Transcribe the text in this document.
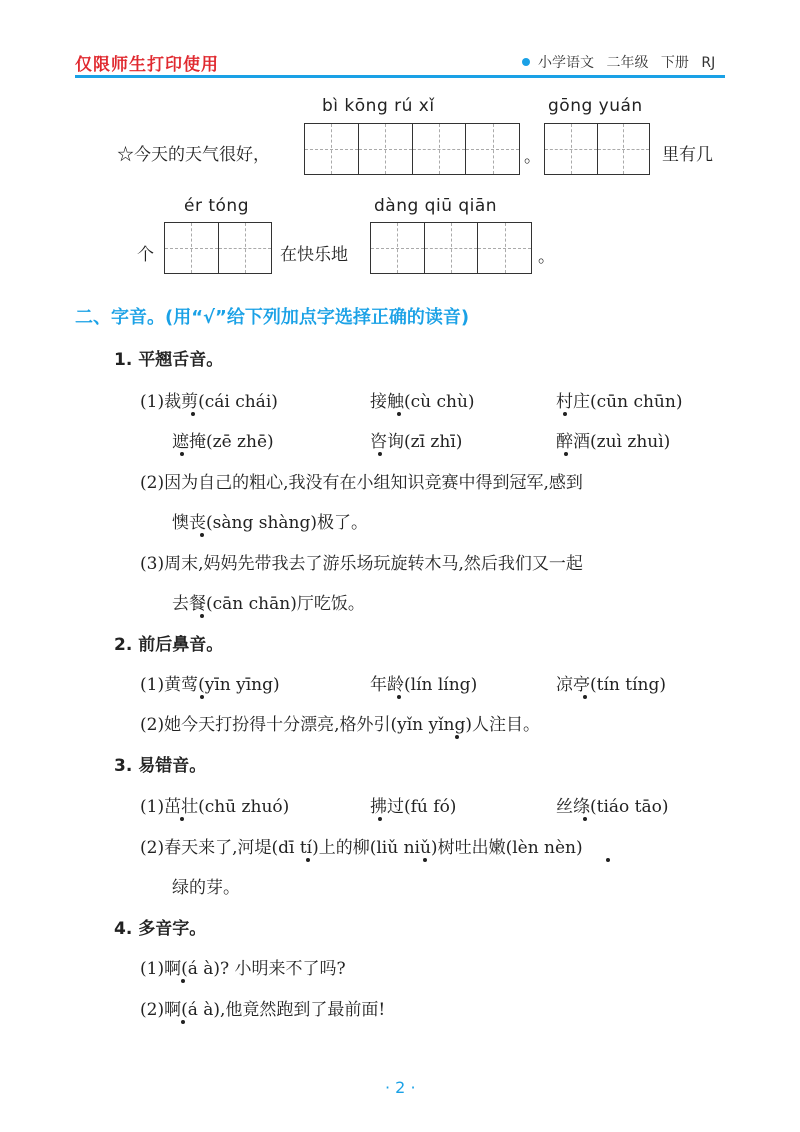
仅限师生打印使用	小学语文 二年级 下册 RJ
bì kōng rú xǐ	gōng yuán
☆今天的天气很好，	。	里有几
ér tóng	dàng qiū qiān
个	在快乐地	。
二、字音。(用“√”给下列加点字选择正确的读音)
1. 平翘舌音。
(1)裁剪(cái chái)	接触(cù chù)	村庄(cūn chūn)
遮掩(zē zhē)	咨询(zī zhī)	醉酒(zuì zhuì)
(2)因为自己的粗心,我没有在小组知识竞赛中得到冠军,感到
懊丧(sàng shàng)极了。
(3)周末,妈妈先带我去了游乐场玩旋转木马,然后我们又一起
去餐(cān chān)厅吃饭。
2. 前后鼻音。
(1)黄莺(yīn yīng)	年龄(lín líng)	凉亭(tín tíng)
(2)她今天打扮得十分漂亮,格外引(yǐn yǐng)人注目。
3. 易错音。
(1)茁壮(chū zhuó)	拂过(fú fó)	丝绦(tiáo tāo)
(2)春天来了,河堤(dī tí)上的柳(liǔ niǔ)树吐出嫩(lèn nèn)
绿的芽。
4. 多音字。
(1)啊(á à)? 小明来不了吗?
(2)啊(á à),他竟然跑到了最前面!
· 2 ·
